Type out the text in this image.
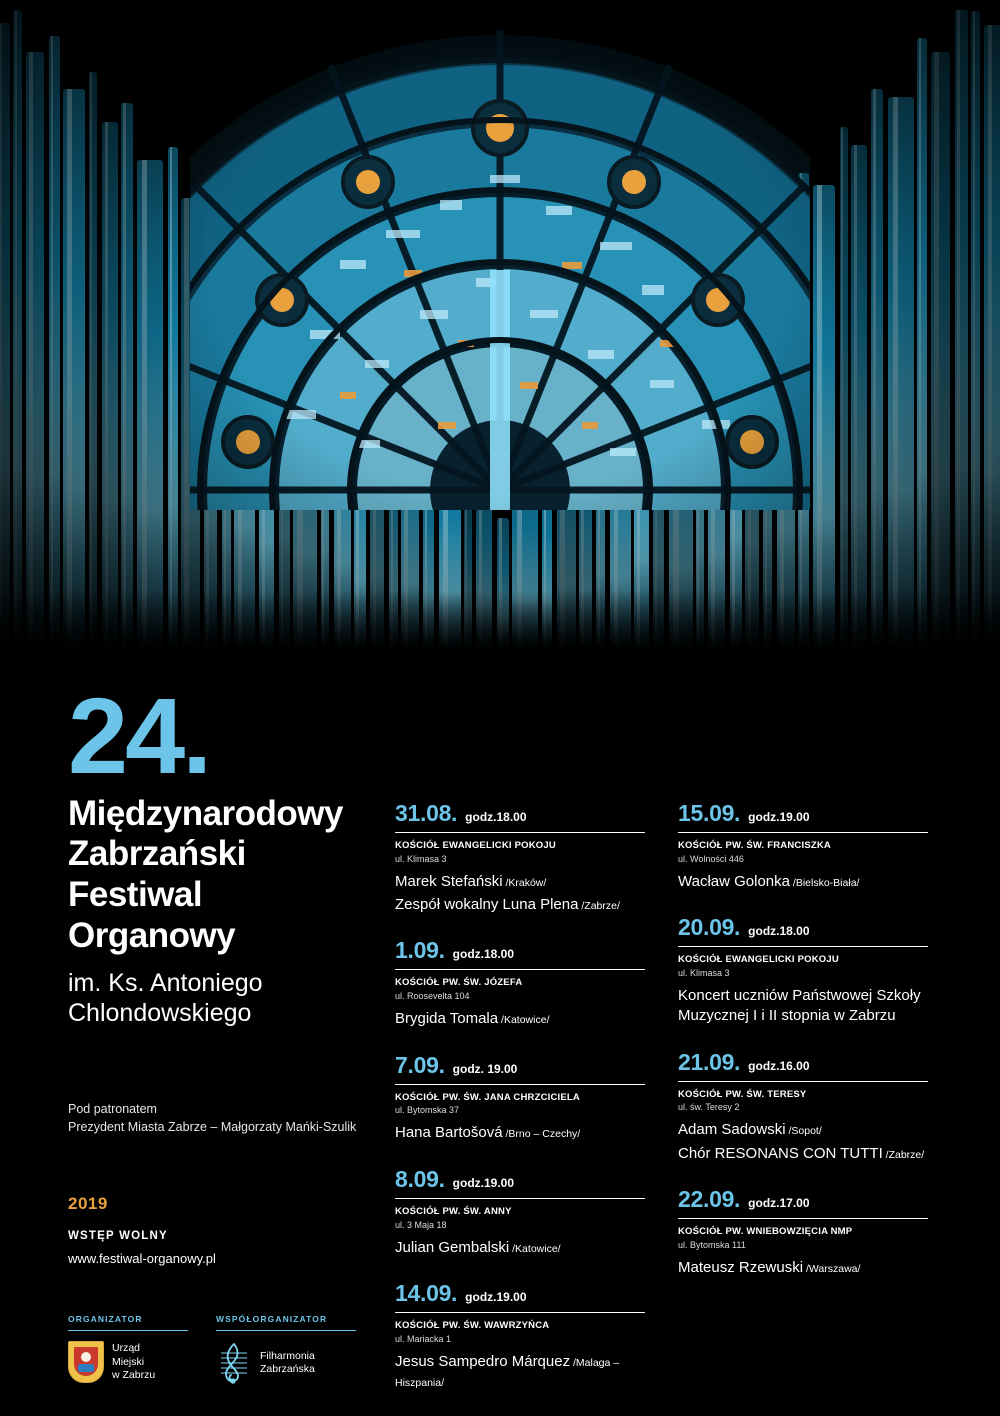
24.
Międzynarodowy
Zabrzański
Festiwal
Organowy
im. Ks. Antoniego
Chlondowskiego
Pod patronatem
Prezydent Miasta Zabrze – Małgorzaty Mańki-Szulik
2019
WSTĘP WOLNY
www.festiwal-organowy.pl
ORGANIZATOR
Urząd
Miejski
w Zabrzu
WSPÓŁORGANIZATOR
Filharmonia
Zabrzańska
31.08. godz.18.00
KOŚCIÓŁ EWANGELICKI POKOJU
ul. Klimasa 3
Marek Stefański /Kraków/
Zespół wokalny Luna Plena /Zabrze/
1.09. godz.18.00
KOŚCIÓŁ PW. ŚW. JÓZEFA
ul. Roosevelta 104
Brygida Tomala /Katowice/
7.09. godz. 19.00
KOŚCIÓŁ PW. ŚW. JANA CHRZCICIELA
ul. Bytomska 37
Hana Bartošová /Brno – Czechy/
8.09. godz.19.00
KOŚCIÓŁ PW. ŚW. ANNY
ul. 3 Maja 18
Julian Gembalski /Katowice/
14.09. godz.19.00
KOŚCIÓŁ PW. ŚW. WAWRZYŃCA
ul. Mariacka 1
Jesus Sampedro Márquez /Malaga – Hiszpania/
15.09. godz.19.00
KOŚCIÓŁ PW. ŚW. FRANCISZKA
ul. Wolności 446
Wacław Golonka /Bielsko-Biała/
20.09. godz.18.00
KOŚCIÓŁ EWANGELICKI POKOJU
ul. Klimasa 3
Koncert uczniów Państwowej Szkoły Muzycznej I i II stopnia w Zabrzu
21.09. godz.16.00
KOŚCIÓŁ PW. ŚW. TERESY
ul. św. Teresy 2
Adam Sadowski /Sopot/
Chór RESONANS CON TUTTI /Zabrze/
22.09. godz.17.00
KOŚCIÓŁ PW. WNIEBOWZIĘCIA NMP
ul. Bytomska 111
Mateusz Rzewuski /Warszawa/
